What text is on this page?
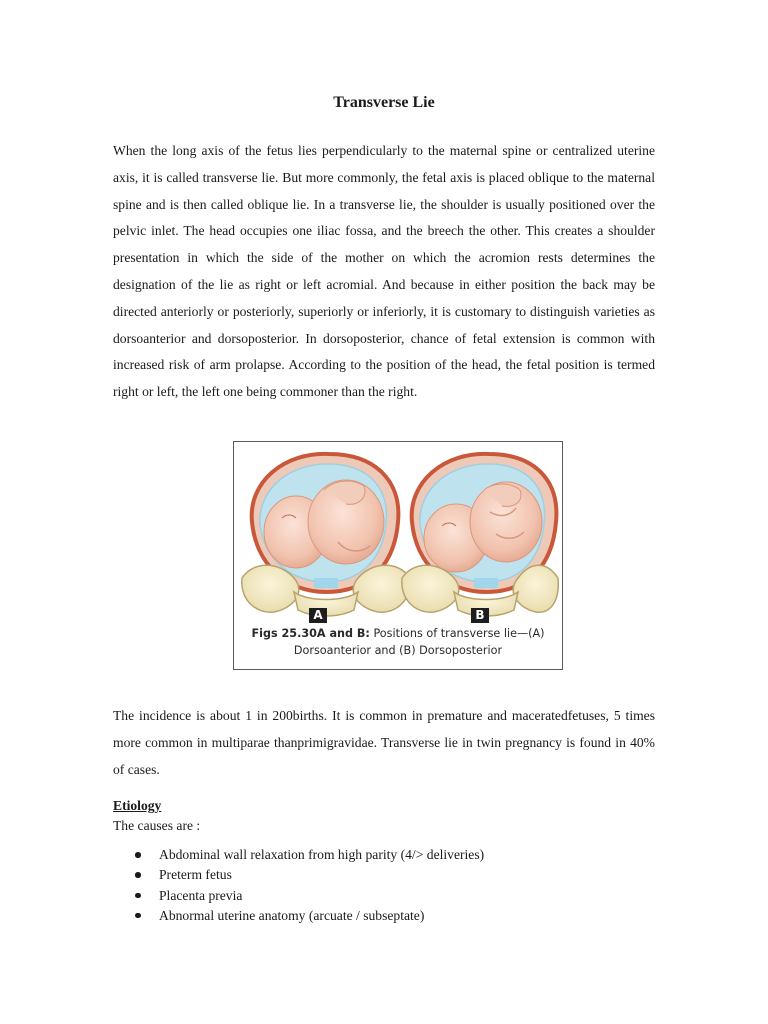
Transverse Lie

When the long axis of the fetus lies perpendicularly to the maternal spine or centralized uterine axis, it is called transverse lie. But more commonly, the fetal axis is placed oblique to the maternal spine and is then called oblique lie. In a transverse lie, the shoulder is usually positioned over the pelvic inlet. The head occupies one iliac fossa, and the breech the other. This creates a shoulder presentation in which the side of the mother on which the acromion rests determines the designation of the lie as right or left acromial. And because in either position the back may be directed anteriorly or posteriorly, superiorly or inferiorly, it is customary to distinguish varieties as dorsoanterior and dorsoposterior. In dorsoposterior, chance of fetal extension is common with increased risk of arm prolapse. According to the position of the head, the fetal position is termed right or left, the left one being commoner than the right.

A	B
Figs 25.30A and B: Positions of transverse lie—(A)
Dorsoanterior and (B) Dorsoposterior

The incidence is about 1 in 200births. It is common in premature and maceratedfetuses, 5 times more common in multiparae thanprimigravidae. Transverse lie in twin pregnancy is found in 40% of cases.

Etiology
The causes are :
Abdominal wall relaxation from high parity (4/> deliveries)
Preterm fetus
Placenta previa
Abnormal uterine anatomy (arcuate / subseptate)
